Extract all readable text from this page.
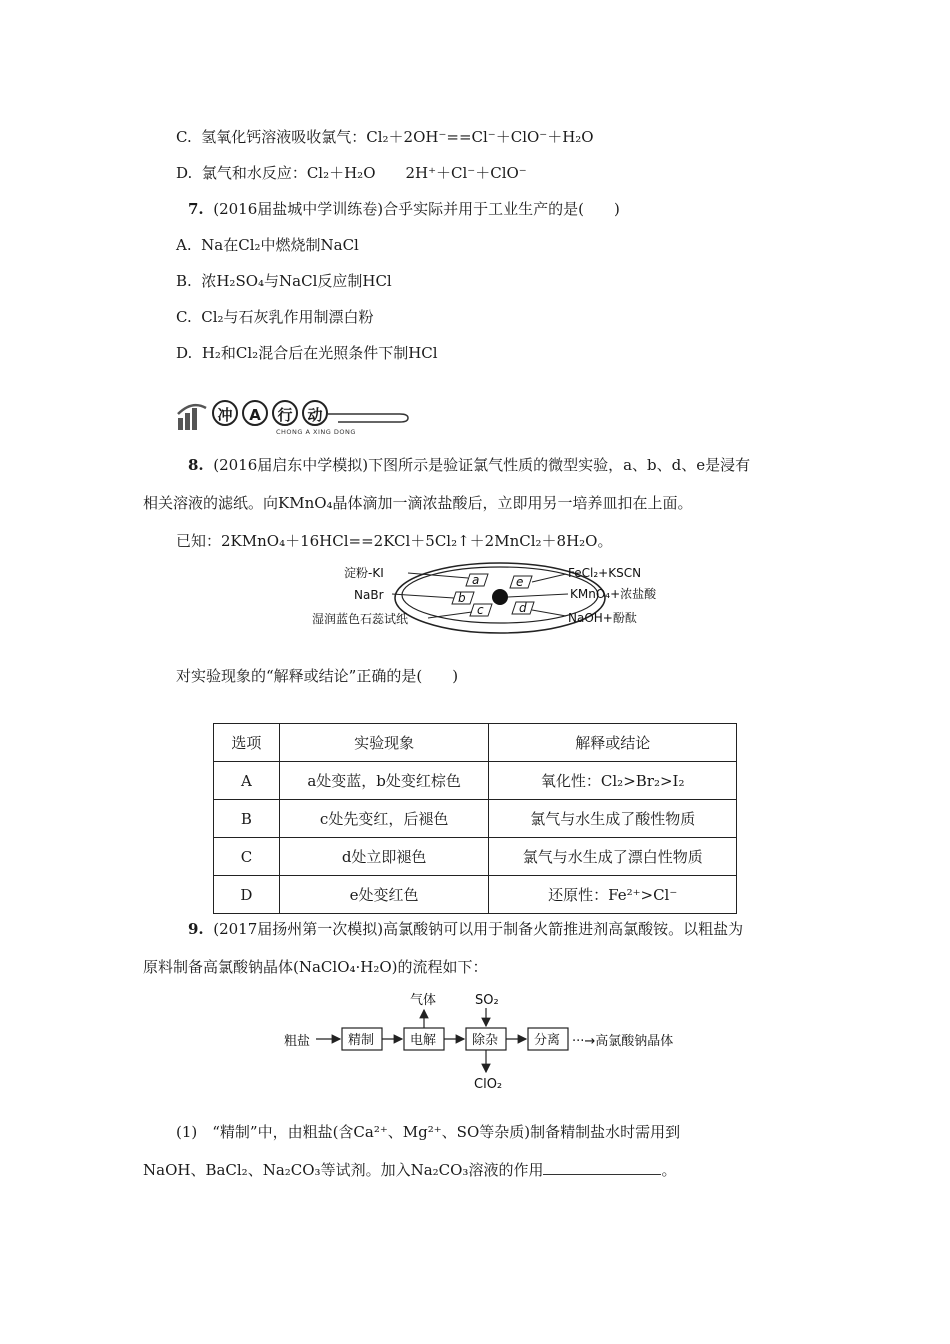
C. 氢氧化钙溶液吸收氯气：Cl₂＋2OH⁻==Cl⁻＋ClO⁻＋H₂O
D. 氯气和水反应：Cl₂＋H₂O　　2H⁺＋Cl⁻＋ClO⁻
7. (2016届盐城中学训练卷)合乎实际并用于工业生产的是(　　)
A. Na在Cl₂中燃烧制NaCl
B. 浓H₂SO₄与NaCl反应制HCl
C. Cl₂与石灰乳作用制漂白粉
D. H₂和Cl₂混合后在光照条件下制HCl
冲	A	行 动
CHONG A XING DONG
8. (2016届启东中学模拟)下图所示是验证氯气性质的微型实验，a、b、d、e是浸有
相关溶液的滤纸。向KMnO₄晶体滴加一滴浓盐酸后，立即用另一培养皿扣在上面。
已知：2KMnO₄＋16HCl==2KCl＋5Cl₂↑＋2MnCl₂＋8H₂O。
a
b
c	d
e
淀粉-KI
NaBr
湿润蓝色石蕊试纸
FeCl₂+KSCN
KMnO₄+浓盐酸
NaOH+酚酞
对实验现象的“解释或结论”正确的是(　　)
选项	实验现象	解释或结论
A	a处变蓝，b处变红棕色	氧化性：Cl₂>Br₂>I₂
B	c处先变红，后褪色	氯气与水生成了酸性物质
C	d处立即褪色	氯气与水生成了漂白性物质
D	e处变红色	还原性：Fe²⁺>Cl⁻
9. (2017届扬州第一次模拟)高氯酸钠可以用于制备火箭推进剂高氯酸铵。以粗盐为
原料制备高氯酸钠晶体(NaClO₄·H₂O)的流程如下：
粗盐	精制	电解	除杂	分离 ···→高氯酸钠晶体
气体	SO₂
ClO₂
(1)　“精制”中，由粗盐(含Ca²⁺、Mg²⁺、SO等杂质)制备精制盐水时需用到
NaOH、BaCl₂、Na₂CO₃等试剂。加入Na₂CO₃溶液的作用	。
